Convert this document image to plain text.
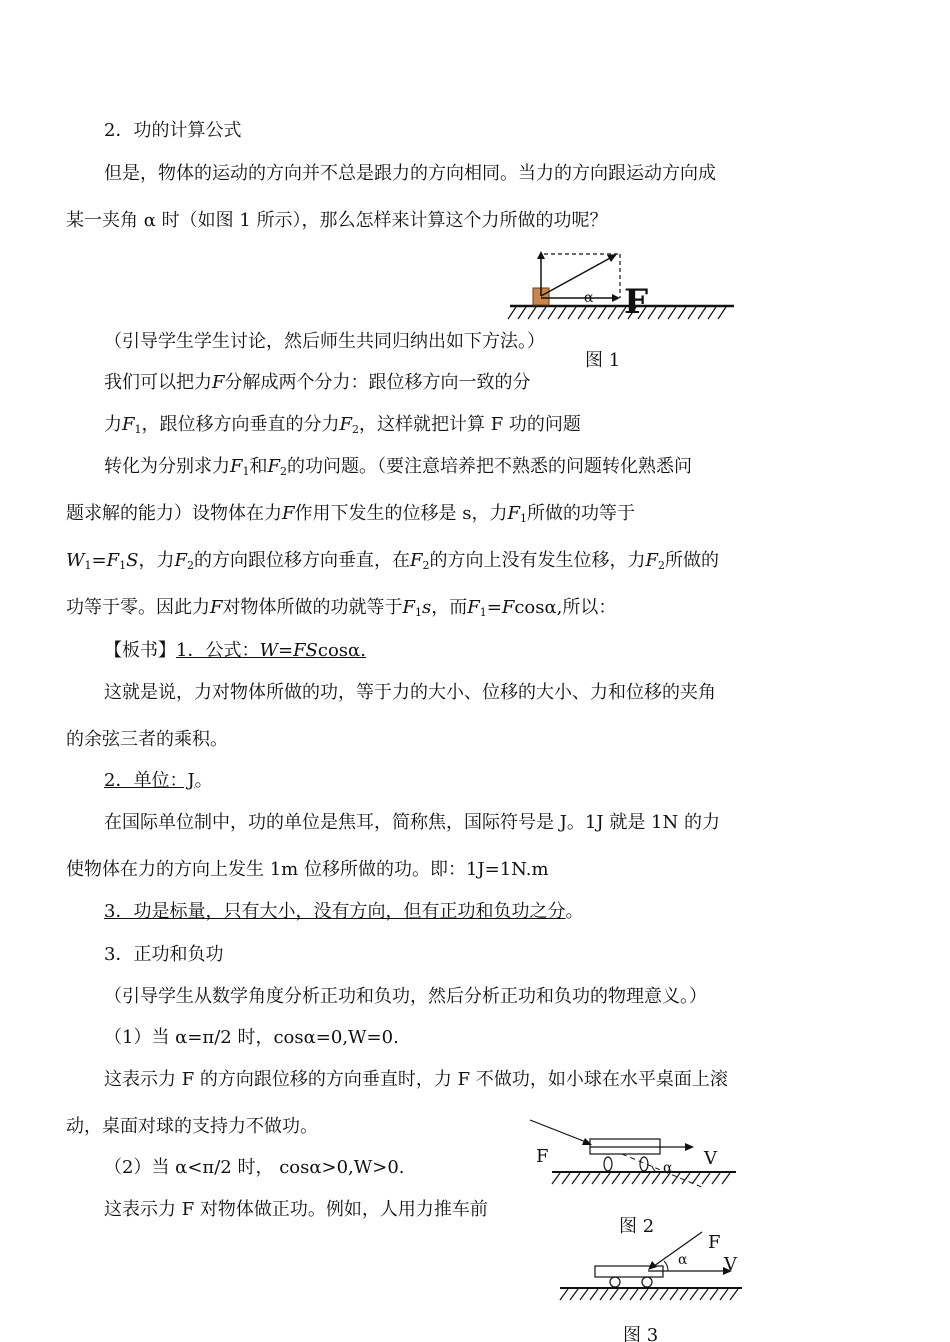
2．功的计算公式
但是，物体的运动的方向并不总是跟力的方向相同。当力的方向跟运动方向成
某一夹角 α 时（如图 1 所示），那么怎样来计算这个力所做的功呢？
α F
图 1
（引导学生学生讨论，然后师生共同归纳出如下方法。）
我们可以把力F分解成两个分力：跟位移方向一致的分
力$F_1$，跟位移方向垂直的分力$F_2$，这样就把计算 F 功的问题
转化为分别求力$F_1$和$F_2$的功问题。（要注意培养把不熟悉的问题转化熟悉问
题求解的能力）设物体在力F作用下发生的位移是 s，力$F_1$所做的功等于
$W_1=F_1S$，力$F_2$的方向跟位移方向垂直，在$F_2$的方向上没有发生位移，力$F_2$所做的
功等于零。因此力F对物体所做的功就等于$F_1s$，而$F_1=Fcos\alpha$,所以：
【板书】1．公式：W=FScosα.
这就是说，力对物体所做的功，等于力的大小、位移的大小、力和位移的夹角
的余弦三者的乘积。
2．单位：J。
在国际单位制中，功的单位是焦耳，简称焦，国际符号是 J。1J 就是 1N 的力
使物体在力的方向上发生 1m 位移所做的功。即：1J=1N.m
3．功是标量，只有大小，没有方向，但有正功和负功之分。
3．正功和负功
（引导学生从数学角度分析正功和负功，然后分析正功和负功的物理意义。）
（1）当 α=π/2 时，cosα=0,W=0.
这表示力 F 的方向跟位移的方向垂直时，力 F 不做功，如小球在水平桌面上滚
动，桌面对球的支持力不做功。
（2）当 α<π/2 时， cosα>0,W>0.
这表示力 F 对物体做正功。例如，人用力推车前
F	V
α
图 2
F
V
α
图 3
